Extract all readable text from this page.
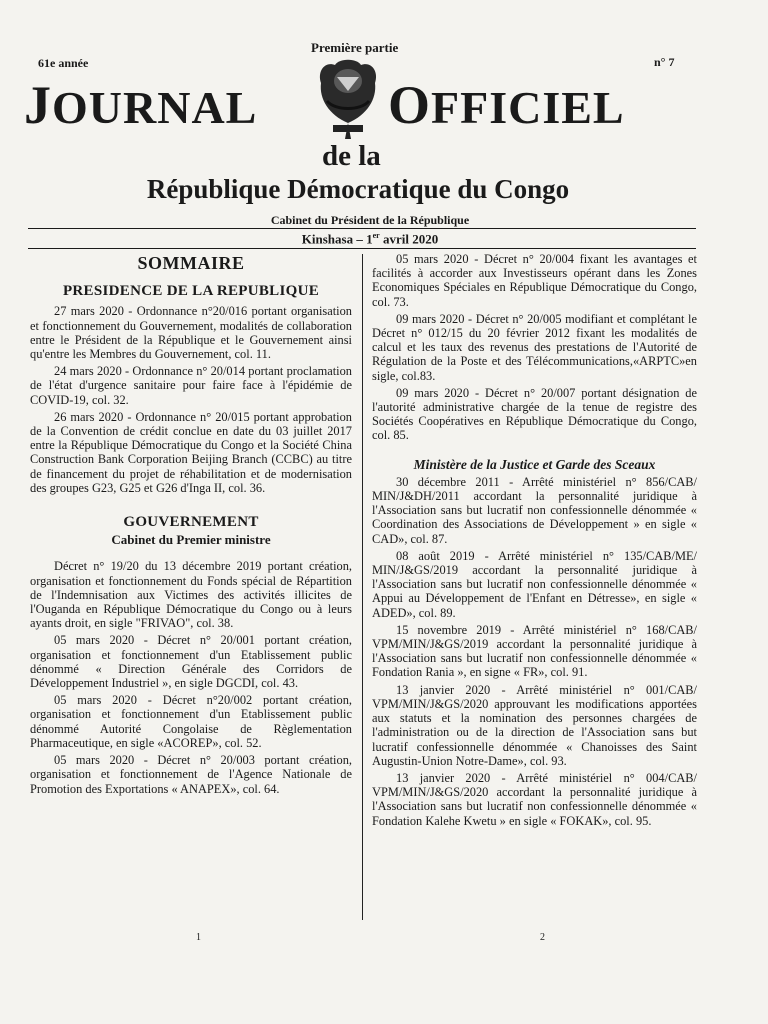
61e année
Première partie
n° 7
JOURNAL OFFICIEL
de la
République Démocratique du Congo
Cabinet du Président de la République
Kinshasa – 1er avril 2020
SOMMAIRE
PRESIDENCE DE LA REPUBLIQUE

27 mars 2020 - Ordonnance n°20/016 portant organisation et fonctionnement du Gouvernement, modalités de collaboration entre le Président de la République et le Gouvernement ainsi qu'entre les Membres du Gouvernement, col. 11.

24 mars 2020 - Ordonnance n° 20/014 portant proclamation de l'état d'urgence sanitaire pour faire face à l'épidémie de COVID-19, col. 32.

26 mars 2020 - Ordonnance n° 20/015 portant approbation de la Convention de crédit conclue en date du 03 juillet 2017 entre la République Démocratique du Congo et la Société China Construction Bank Corporation Beijing Branch (CCBC) au titre de financement du projet de réhabilitation et de modernisation des groupes G23, G25 et G26 d'Inga II, col. 36.

GOUVERNEMENT
Cabinet du Premier ministre

Décret n° 19/20 du 13 décembre 2019 portant création, organisation et fonctionnement du Fonds spécial de Répartition de l'Indemnisation aux Victimes des activités illicites de l'Ouganda en République Démocratique du Congo ou à leurs ayants droit, en sigle "FRIVAO", col. 38.

05 mars 2020 - Décret n° 20/001 portant création, organisation et fonctionnement d'un Etablissement public dénommé « Direction Générale des Corridors de Développement Industriel », en sigle DGCDI, col. 43.

05 mars 2020 - Décret n°20/002 portant création, organisation et fonctionnement d'un Etablissement public dénommé Autorité Congolaise de Règlementation Pharmaceutique, en sigle «ACOREP», col. 52.

05 mars 2020 - Décret n° 20/003 portant création, organisation et fonctionnement de l'Agence Nationale de Promotion des Exportations « ANAPEX», col. 64.

05 mars 2020 - Décret n° 20/004 fixant les avantages et facilités à accorder aux Investisseurs opérant dans les Zones Economiques Spéciales en République Démocratique du Congo, col. 73.

09 mars 2020 - Décret n° 20/005 modifiant et complétant le Décret n° 012/15 du 20 février 2012 fixant les modalités de calcul et les taux des revenus des prestations de l'Autorité de Régulation de la Poste et des Télécommunications,«ARPTC»en sigle, col.83.

09 mars 2020 - Décret n° 20/007 portant désignation de l'autorité administrative chargée de la tenue de registre des Sociétés Coopératives en République Démocratique du Congo, col. 85.

Ministère de la Justice et Garde des Sceaux

30 décembre 2011 - Arrêté ministériel n° 856/CAB/ MIN/J&DH/2011 accordant la personnalité juridique à l'Association sans but lucratif non confessionnelle dénommée « Coordination des Associations de Développement » en sigle « CAD», col. 87.

08 août 2019 - Arrêté ministériel n° 135/CAB/ME/ MIN/J&GS/2019 accordant la personnalité juridique à l'Association sans but lucratif non confessionnelle dénommée « Appui au Développement de l'Enfant en Détresse», en sigle « ADED», col. 89.

15 novembre 2019 - Arrêté ministériel n° 168/CAB/ VPM/MIN/J&GS/2019 accordant la personnalité juridique à l'Association sans but lucratif non confessionnelle dénommée « Fondation Rania », en signe « FR», col. 91.

13 janvier 2020 - Arrêté ministériel n° 001/CAB/ VPM/MIN/J&GS/2020 approuvant les modifications apportées aux statuts et la nomination des personnes chargées de l'administration ou de la direction de l'Association sans but lucratif confessionnelle dénommée « Chanoisses des Saint Augustin-Union Notre-Dame», col. 93.

13 janvier 2020 - Arrêté ministériel n° 004/CAB/ VPM/MIN/J&GS/2020 accordant la personnalité juridique à l'Association sans but lucratif non confessionnelle dénommée « Fondation Kalehe Kwetu » en sigle « FOKAK», col. 95.

1	2
